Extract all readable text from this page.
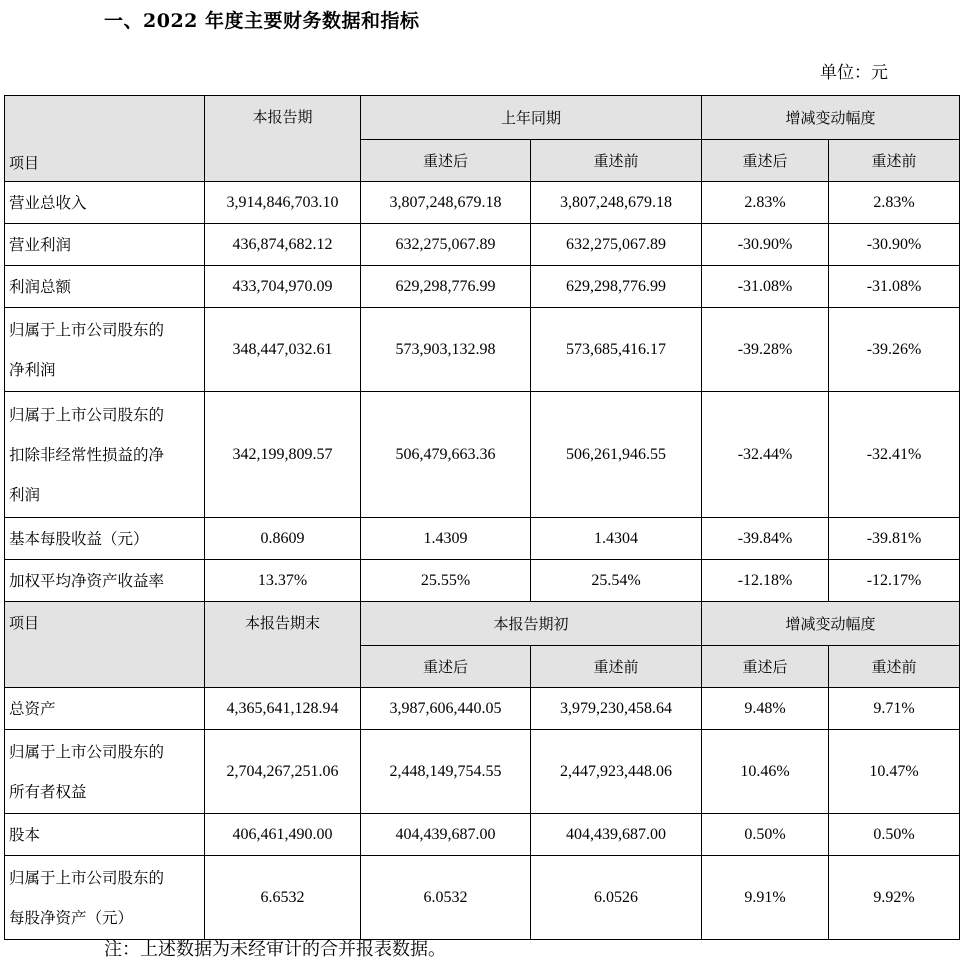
一、2022 年度主要财务数据和指标
单位：元
项目	本报告期	上年同期		增减变动幅度	
		重述后	重述前	重述后	重述前

营业总收入	3,914,846,703.10	3,807,248,679.18	3,807,248,679.18	2.83%	2.83%

营业利润	436,874,682.12	632,275,067.89	632,275,067.89	-30.90%	-30.90%

利润总额	433,704,970.09	629,298,776.99	629,298,776.99	-31.08%	-31.08%

归属于上市公司股东的
净利润	348,447,032.61	573,903,132.98	573,685,416.17	-39.28%	-39.26%

归属于上市公司股东的
扣除非经常性损益的净
利润	342,199,809.57	506,479,663.36	506,261,946.55	-32.44%	-32.41%

基本每股收益（元）	0.8609	1.4309	1.4304	-39.84%	-39.81%

加权平均净资产收益率	13.37%	25.55%	25.54%	-12.18%	-12.17%
项目	本报告期末	本报告期初		增减变动幅度	
		重述后	重述前	重述后	重述前

总资产	4,365,641,128.94	3,987,606,440.05	3,979,230,458.64	9.48%	9.71%

归属于上市公司股东的
所有者权益	2,704,267,251.06	2,448,149,754.55	2,447,923,448.06	10.46%	10.47%

股本	406,461,490.00	404,439,687.00	404,439,687.00	0.50%	0.50%

归属于上市公司股东的
每股净资产（元）	6.6532	6.0532	6.0526	9.91%	9.92%
注：上述数据为未经审计的合并报表数据。
